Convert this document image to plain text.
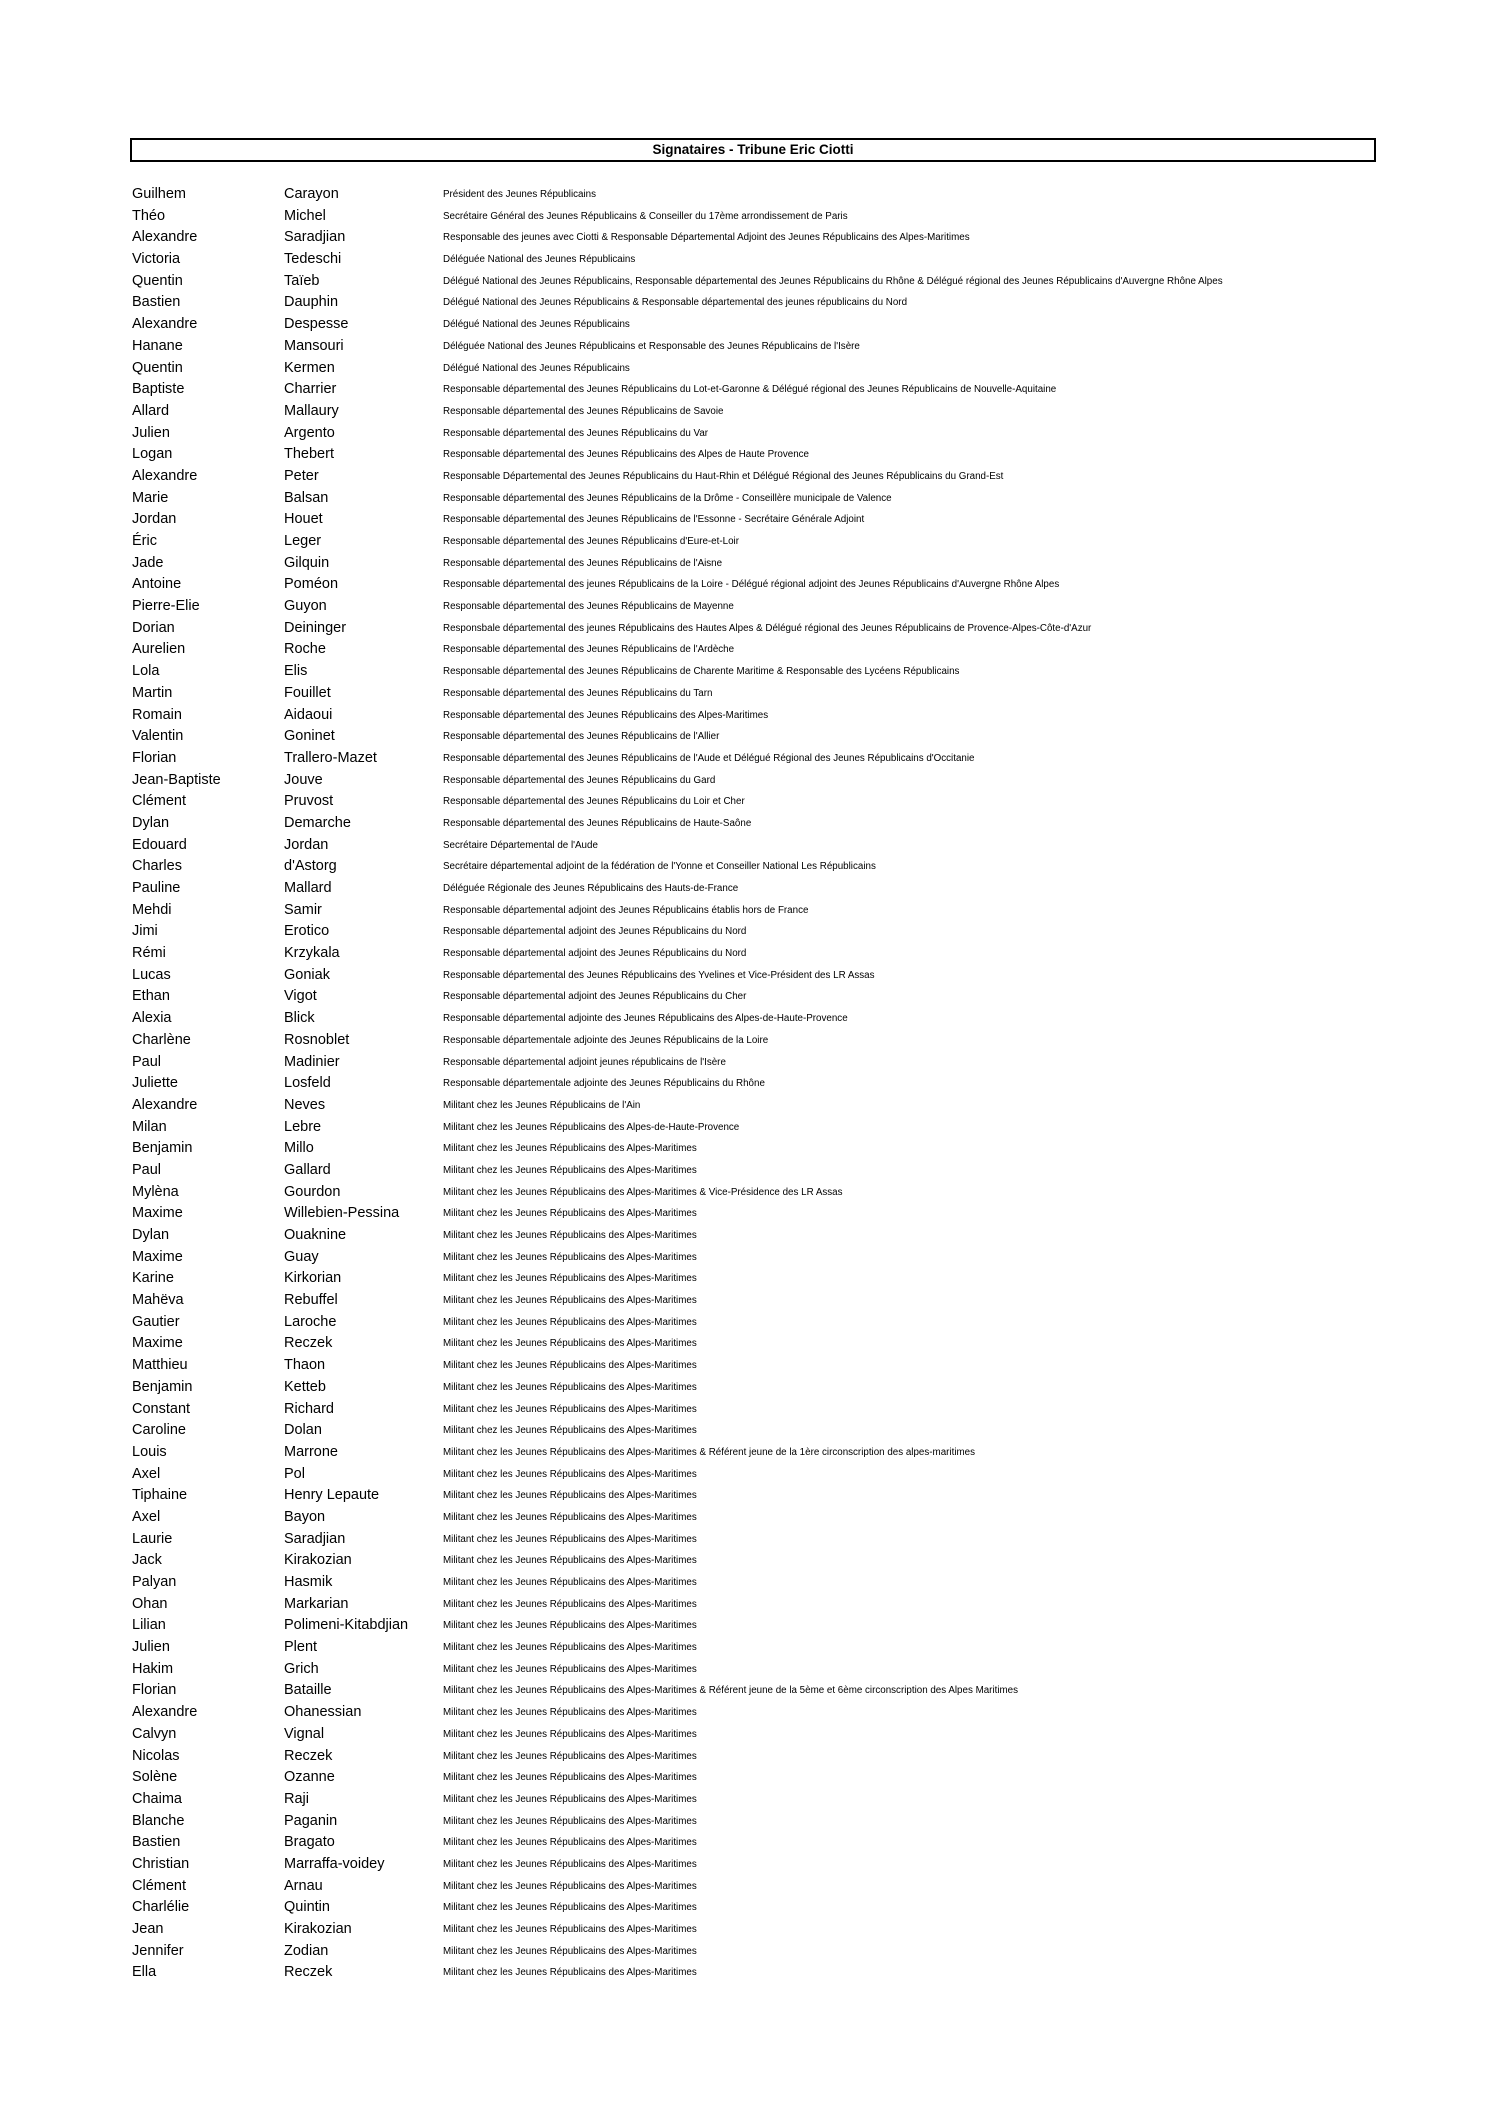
Signataires - Tribune Eric Ciotti
Guilhem	Carayon	Président des Jeunes Républicains
Théo	Michel	Secrétaire Général des Jeunes Républicains & Conseiller du 17ème arrondissement de Paris
Alexandre	Saradjian	Responsable des jeunes avec Ciotti & Responsable Départemental Adjoint des Jeunes Républicains des Alpes-Maritimes
Victoria	Tedeschi	Déléguée National des Jeunes Républicains
Quentin	Taïeb	Délégué National des Jeunes Républicains, Responsable départemental des Jeunes Républicains du Rhône & Délégué régional des Jeunes Républicains d'Auvergne Rhône Alpes
Bastien	Dauphin	Délégué National des Jeunes Républicains & Responsable départemental des jeunes républicains du Nord
Alexandre	Despesse	Délégué National des Jeunes Républicains
Hanane	Mansouri	Déléguée National des Jeunes Républicains et Responsable des Jeunes Républicains de l'Isère
Quentin	Kermen	Délégué National des Jeunes Républicains
Baptiste	Charrier	Responsable départemental des Jeunes Républicains du Lot-et-Garonne & Délégué régional des Jeunes Républicains de Nouvelle-Aquitaine
Allard	Mallaury	Responsable départemental des Jeunes Républicains de Savoie
Julien	Argento	Responsable départemental des Jeunes Républicains du Var
Logan	Thebert	Responsable départemental des Jeunes Républicains des Alpes de Haute Provence
Alexandre	Peter	Responsable Départemental des Jeunes Républicains du Haut-Rhin et Délégué Régional des Jeunes Républicains du Grand-Est
Marie	Balsan	Responsable départemental des Jeunes Républicains de la Drôme - Conseillère municipale de Valence
Jordan	Houet	Responsable départemental des Jeunes Républicains de l'Essonne - Secrétaire Générale Adjoint
Éric	Leger	Responsable départemental des Jeunes Républicains d'Eure-et-Loir
Jade	Gilquin	Responsable départemental des Jeunes Républicains de l'Aisne
Antoine	Poméon	Responsable départemental des jeunes Républicains de la Loire - Délégué régional adjoint des Jeunes Républicains d'Auvergne Rhône Alpes
Pierre-Elie	Guyon	Responsable départemental des Jeunes Républicains de Mayenne
Dorian	Deininger	Responsbale départemental des jeunes Républicains des Hautes Alpes & Délégué régional des Jeunes Républicains de Provence-Alpes-Côte-d'Azur
Aurelien	Roche	Responsable départemental des Jeunes Républicains de l'Ardèche
Lola	Elis	Responsable départemental des Jeunes Républicains de Charente Maritime & Responsable des Lycéens Républicains
Martin	Fouillet	Responsable départemental des Jeunes Républicains du Tarn
Romain	Aidaoui	Responsable départemental des Jeunes Républicains des Alpes-Maritimes
Valentin	Goninet	Responsable départemental des Jeunes Républicains de l'Allier
Florian	Trallero-Mazet	Responsable départemental des Jeunes Républicains de l'Aude et Délégué Régional des Jeunes Républicains d'Occitanie
Jean-Baptiste	Jouve	Responsable départemental des Jeunes Républicains du Gard
Clément	Pruvost	Responsable départemental des Jeunes Républicains du Loir et Cher
Dylan	Demarche	Responsable départemental des Jeunes Républicains de Haute-Saône
Edouard	Jordan	Secrétaire Départemental de l'Aude
Charles	d'Astorg	Secrétaire départemental adjoint de la fédération de l'Yonne et Conseiller National Les Républicains
Pauline	Mallard	Déléguée Régionale des Jeunes Républicains des Hauts-de-France
Mehdi	Samir	Responsable départemental adjoint des Jeunes Républicains établis hors de France
Jimi	Erotico	Responsable départemental adjoint des Jeunes Républicains du Nord
Rémi	Krzykala	Responsable départemental adjoint des Jeunes Républicains du Nord
Lucas	Goniak	Responsable départemental des Jeunes Républicains des Yvelines et Vice-Président des LR Assas
Ethan	Vigot	Responsable départemental adjoint des Jeunes Républicains du Cher
Alexia	Blick	Responsable départemental adjointe des Jeunes Républicains des Alpes-de-Haute-Provence
Charlène	Rosnoblet	Responsable départementale adjointe des Jeunes Républicains de la Loire
Paul	Madinier	Responsable départemental adjoint jeunes républicains de l'Isère
Juliette	Losfeld	Responsable départementale adjointe des Jeunes Républicains du Rhône
Alexandre	Neves	Militant chez les Jeunes Républicains de l'Ain
Milan	Lebre	Militant chez les Jeunes Républicains des Alpes-de-Haute-Provence
Benjamin	Millo	Militant chez les Jeunes Républicains des Alpes-Maritimes
Paul	Gallard	Militant chez les Jeunes Républicains des Alpes-Maritimes
Mylèna	Gourdon	Militant chez les Jeunes Républicains des Alpes-Maritimes & Vice-Présidence des LR Assas
Maxime	Willebien-Pessina	Militant chez les Jeunes Républicains des Alpes-Maritimes
Dylan	Ouaknine	Militant chez les Jeunes Républicains des Alpes-Maritimes
Maxime	Guay	Militant chez les Jeunes Républicains des Alpes-Maritimes
Karine	Kirkorian	Militant chez les Jeunes Républicains des Alpes-Maritimes
Mahëva	Rebuffel	Militant chez les Jeunes Républicains des Alpes-Maritimes
Gautier	Laroche	Militant chez les Jeunes Républicains des Alpes-Maritimes
Maxime	Reczek	Militant chez les Jeunes Républicains des Alpes-Maritimes
Matthieu	Thaon	Militant chez les Jeunes Républicains des Alpes-Maritimes
Benjamin	Ketteb	Militant chez les Jeunes Républicains des Alpes-Maritimes
Constant	Richard	Militant chez les Jeunes Républicains des Alpes-Maritimes
Caroline	Dolan	Militant chez les Jeunes Républicains des Alpes-Maritimes
Louis	Marrone	Militant chez les Jeunes Républicains des Alpes-Maritimes & Référent jeune de la 1ère circonscription des alpes-maritimes
Axel	Pol	Militant chez les Jeunes Républicains des Alpes-Maritimes
Tiphaine	Henry Lepaute	Militant chez les Jeunes Républicains des Alpes-Maritimes
Axel	Bayon	Militant chez les Jeunes Républicains des Alpes-Maritimes
Laurie	Saradjian	Militant chez les Jeunes Républicains des Alpes-Maritimes
Jack	Kirakozian	Militant chez les Jeunes Républicains des Alpes-Maritimes
Palyan	Hasmik	Militant chez les Jeunes Républicains des Alpes-Maritimes
Ohan	Markarian	Militant chez les Jeunes Républicains des Alpes-Maritimes
Lilian	Polimeni-Kitabdjian	Militant chez les Jeunes Républicains des Alpes-Maritimes
Julien	Plent	Militant chez les Jeunes Républicains des Alpes-Maritimes
Hakim	Grich	Militant chez les Jeunes Républicains des Alpes-Maritimes
Florian	Bataille	Militant chez les Jeunes Républicains des Alpes-Maritimes & Référent jeune de la 5ème et 6ème circonscription des Alpes Maritimes
Alexandre	Ohanessian	Militant chez les Jeunes Républicains des Alpes-Maritimes
Calvyn	Vignal	Militant chez les Jeunes Républicains des Alpes-Maritimes
Nicolas	Reczek	Militant chez les Jeunes Républicains des Alpes-Maritimes
Solène	Ozanne	Militant chez les Jeunes Républicains des Alpes-Maritimes
Chaima	Raji	Militant chez les Jeunes Républicains des Alpes-Maritimes
Blanche	Paganin	Militant chez les Jeunes Républicains des Alpes-Maritimes
Bastien	Bragato	Militant chez les Jeunes Républicains des Alpes-Maritimes
Christian	Marraffa-voidey	Militant chez les Jeunes Républicains des Alpes-Maritimes
Clément	Arnau	Militant chez les Jeunes Républicains des Alpes-Maritimes
Charlélie	Quintin	Militant chez les Jeunes Républicains des Alpes-Maritimes
Jean	Kirakozian	Militant chez les Jeunes Républicains des Alpes-Maritimes
Jennifer	Zodian	Militant chez les Jeunes Républicains des Alpes-Maritimes
Ella	Reczek	Militant chez les Jeunes Républicains des Alpes-Maritimes
